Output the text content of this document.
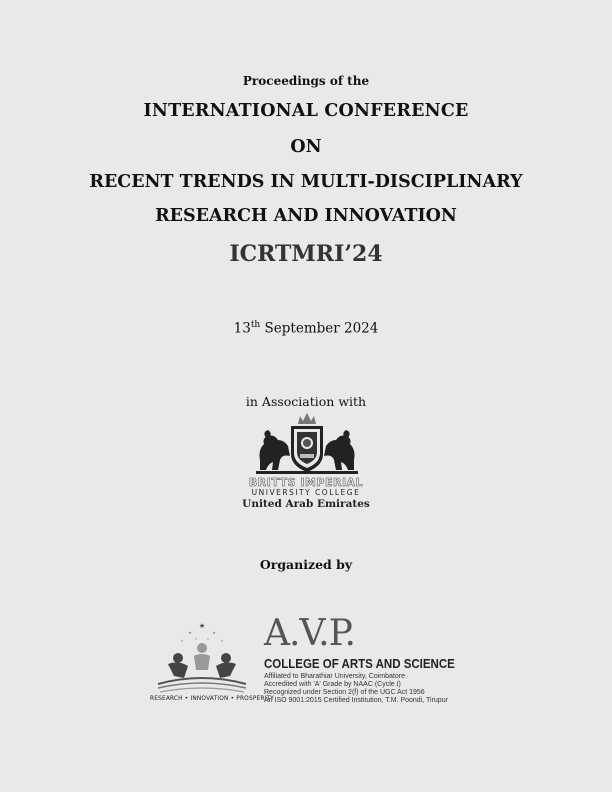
Proceedings of the
INTERNATIONAL CONFERENCE
ON
RECENT TRENDS IN MULTI-DISCIPLINARY
RESEARCH AND INNOVATION
ICRTMRI’24
13th September 2024
in Association with
BRITTS IMPERIAL
UNIVERSITY COLLEGE
United Arab Emirates
Organized by
★
★	★
★	★
★	★
RESEARCH • INNOVATION • PROSPERITY
A.V.P.
COLLEGE OF ARTS AND SCIENCE
Affiliated to Bharathiar University, Coimbatore
Accredited with 'A' Grade by NAAC (Cycle I)
Recognized under Section 2(f) of the UGC Act 1956
An ISO 9001:2015 Certified Institution, T.M. Poondi, Tirupur
